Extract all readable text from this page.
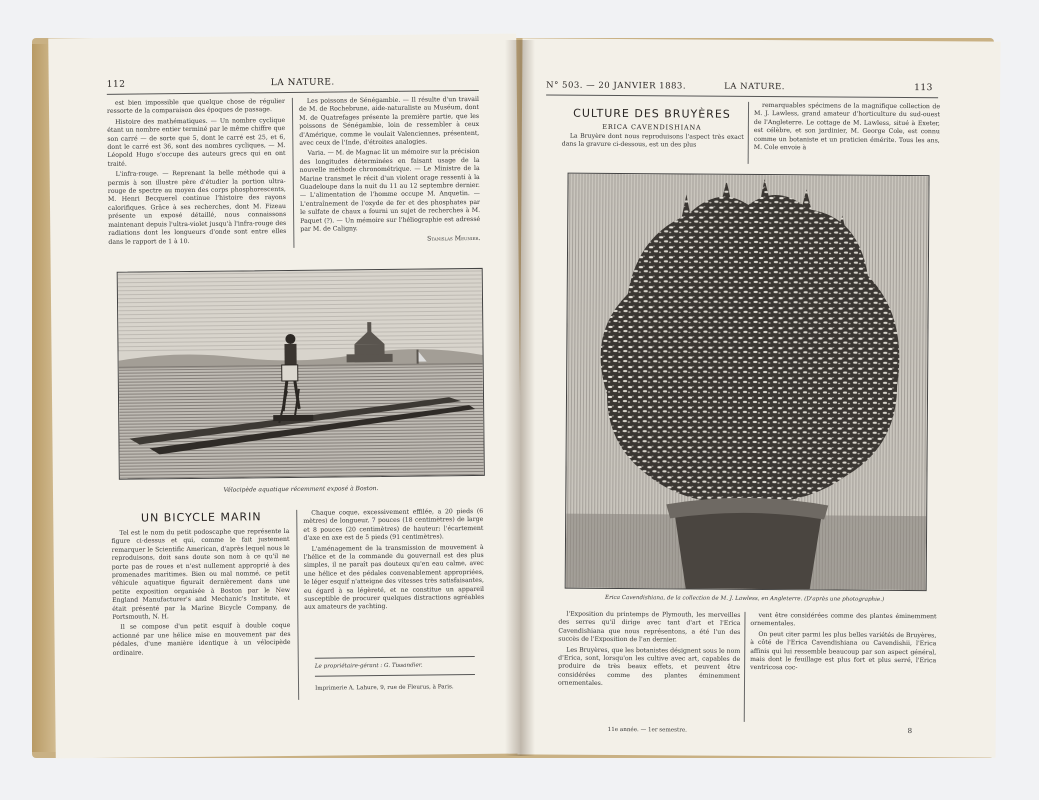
112	LA NATURE.

est bien impossible que quelque chose de régulier ressorte de la comparaison des époques de passage.

Histoire des mathématiques. — Un nombre cyclique étant un nombre entier terminé par le même chiffre que son carré — de sorte que 5, dont le carré est 25, et 6, dont le carré est 36, sont des nombres cycliques, — M. Léopold Hugo s'occupe des auteurs grecs qui en ont traité.

L'infra-rouge. — Reprenant la belle méthode qui a permis à son illustre père d'étudier la portion ultra-rouge de spectre au moyen des corps phosphorescents, M. Henri Becquerel continue l'histoire des rayons calorifiques. Grâce à ses recherches, dont M. Fizeau présente un exposé détaillé, nous connaissons maintenant depuis l'ultra-violet jusqu'à l'infra-rouge des radiations dont les longueurs d'onde sont entre elles dans le rapport de 1 à 10.

Les poissons de Sénégambie. — Il résulte d'un travail de M. de Rochebrune, aide-naturaliste au Muséum, dont M. de Quatrefages présente la première partie, que les poissons de Sénégambie, loin de ressembler à ceux d'Amérique, comme le voulait Valenciennes, présentent, avec ceux de l'Inde, d'étroites analogies.

Varia. — M. de Magnac lit un mémoire sur la précision des longitudes déterminées en faisant usage de la nouvelle méthode chronométrique. — Le Ministre de la Marine transmet le récit d'un violent orage ressenti à la Guadeloupe dans la nuit du 11 au 12 septembre dernier. — L'alimentation de l'homme occupe M. Anquetin. — L'entraînement de l'oxyde de fer et des phosphates par le sulfate de chaux a fourni un sujet de recherches à M. Paquet (?). — Un mémoire sur l'héliographie est adressé par M. de Caligny.

Stanislas Meunier.
Vélocipède aquatique récemment exposé à Boston.
UN BICYCLE MARIN

Tel est le nom du petit podoscaphe que représente la figure ci-dessus et qui, comme le fait justement remarquer le Scientific American, d'après lequel nous le reproduisons, doit sans doute son nom à ce qu'il ne porte pas de roues et n'est nullement approprié à des promenades maritimes. Bien ou mal nommé, ce petit véhicule aquatique figurait dernièrement dans une petite exposition organisée à Boston par le New England Manufacturer's and Mechanic's Institute, et était présenté par la Marine Bicycle Company, de Portsmouth, N. H.

Il se compose d'un petit esquif à double coque actionné par une hélice mise en mouvement par des pédales, d'une manière identique à un vélocipède ordinaire.

Chaque coque, excessivement effilée, a 20 pieds (6 mètres) de longueur, 7 pouces (18 centimètres) de large et 8 pouces (20 centimètres) de hauteur; l'écartement d'axe en axe est de 5 pieds (91 centimètres).

L'aménagement de la transmission de mouvement à l'hélice et de la commande du gouvernail est des plus simples, il ne paraît pas douteux qu'en eau calme, avec une hélice et des pédales convenablement appropriées, le léger esquif n'atteigne des vitesses très satisfaisantes, eu égard à sa légèreté, et ne constitue un appareil susceptible de procurer quelques distractions agréables aux amateurs de yachting.

Le propriétaire-gérant : G. Tissandier.
Imprimerie A. Lahure, 9, rue de Fleurus, à Paris.
N° 503. — 20 JANVIER 1883.	LA NATURE.	113
CULTURE DES BRUYÈRES
ERICA CAVENDISHIANA

La Bruyère dont nous reproduisons l'aspect très exact dans la gravure ci-dessous, est un des plus

remarquables spécimens de la magnifique collection de M. J. Lawless, grand amateur d'horticulture du sud-ouest de l'Angleterre. Le cottage de M. Lawless, situé à Exeter, est célèbre, et son jardinier, M. George Cole, est connu comme un botaniste et un praticien émérite. Tous les ans, M. Cole envoie à

Erica Cavendishiana, de la collection de M. J. Lawless, en Angleterre. (D'après une photographie.)

l'Exposition du printemps de Plymouth, les merveilles des serres qu'il dirige avec tant d'art et l'Erica Cavendishiana que nous représentons, a été l'un des succès de l'Exposition de l'an dernier.

Les Bruyères, que les botanistes désignent sous le nom d'Erica, sont, lorsqu'on les cultive avec art, capables de produire de très beaux effets, et peuvent être considérées comme des plantes éminemment ornementales.

vent être considérées comme des plantes éminemment ornementales.

On peut citer parmi les plus belles variétés de Bruyères, à côté de l'Erica Cavendishiana ou Cavendishii, l'Erica affinis qui lui ressemble beaucoup par son aspect général, mais dont le feuillage est plus fort et plus serré, l'Erica ventricosa coc-

11e année. — 1er semestre.	8
